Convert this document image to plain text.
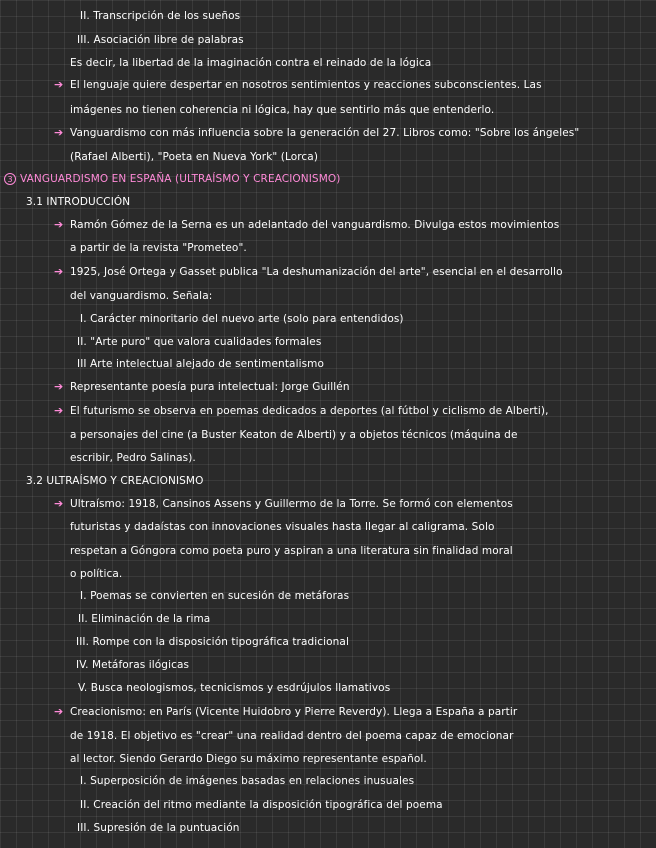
II. Transcripción de los sueños
III. Asociación libre de palabras
Es decir, la libertad de la imaginación contra el reinado de la lógica
➔ El lenguaje quiere despertar en nosotros sentimientos y reacciones subconscientes. Las
imágenes no tienen coherencia ni lógica, hay que sentirlo más que entenderlo.
➔ Vanguardismo con más influencia sobre la generación del 27. Libros como: "Sobre los ángeles"
(Rafael Alberti), "Poeta en Nueva York" (Lorca)
3 VANGUARDISMO EN ESPAÑA (ULTRAÍSMO Y CREACIONISMO)
3.1 INTRODUCCIÓN
➔ Ramón Gómez de la Serna es un adelantado del vanguardismo. Divulga estos movimientos
a partir de la revista "Prometeo".
➔ 1925, José Ortega y Gasset publica "La deshumanización del arte", esencial en el desarrollo
del vanguardismo. Señala:
I. Carácter minoritario del nuevo arte (solo para entendidos)
II. "Arte puro" que valora cualidades formales
III Arte intelectual alejado de sentimentalismo
➔ Representante poesía pura intelectual: Jorge Guillén
➔ El futurismo se observa en poemas dedicados a deportes (al fútbol y ciclismo de Alberti),
a personajes del cine (a Buster Keaton de Alberti) y a objetos técnicos (máquina de
escribir, Pedro Salinas).
3.2 ULTRAÍSMO Y CREACIONISMO
➔ Ultraísmo: 1918, Cansinos Assens y Guillermo de la Torre. Se formó con elementos
futuristas y dadaístas con innovaciones visuales hasta llegar al caligrama. Solo
respetan a Góngora como poeta puro y aspiran a una literatura sin finalidad moral
o política.
I. Poemas se convierten en sucesión de metáforas
II. Eliminación de la rima
III. Rompe con la disposición tipográfica tradicional
IV. Metáforas ilógicas
V. Busca neologismos, tecnicismos y esdrújulos llamativos
➔ Creacionismo: en París (Vicente Huidobro y Pierre Reverdy). Llega a España a partir
de 1918. El objetivo es "crear" una realidad dentro del poema capaz de emocionar
al lector. Siendo Gerardo Diego su máximo representante español.
I. Superposición de imágenes basadas en relaciones inusuales
II. Creación del ritmo mediante la disposición tipográfica del poema
III. Supresión de la puntuación
